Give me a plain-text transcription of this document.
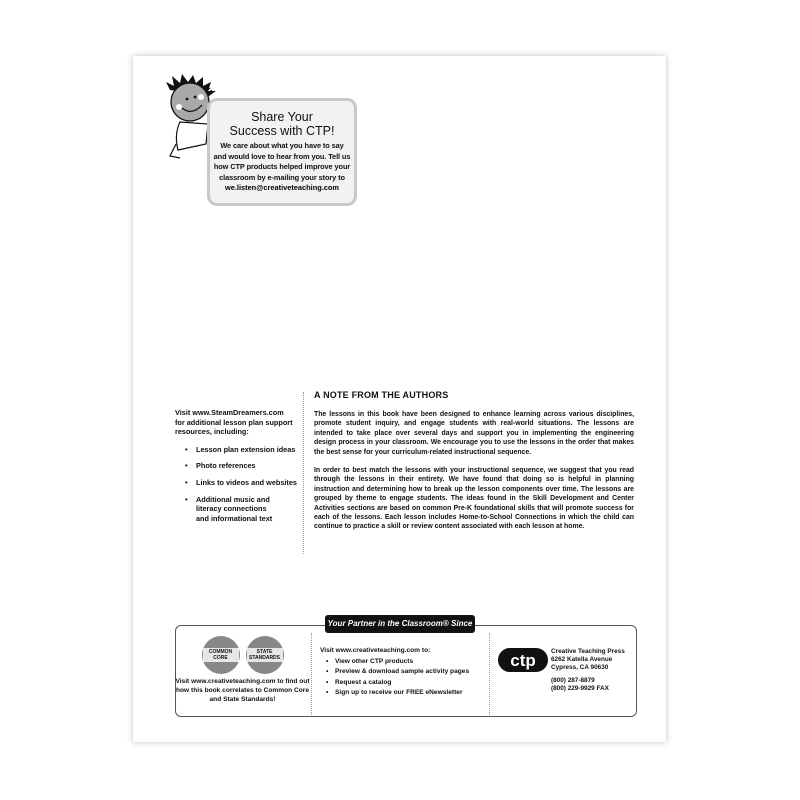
Share Your
Success with CTP!
We care about what you have to say
and would love to hear from you. Tell us
how CTP products helped improve your
classroom by e-mailing your story to
we.listen@creativeteaching.com
Visit www.SteamDreamers.com
for additional lesson plan support
resources, including:
• Lesson plan extension ideas
• Photo references
• Links to videos and websites
• Additional music and literacy connections and informational text
A NOTE FROM THE AUTHORS

The lessons in this book have been designed to enhance learning across various disciplines, promote student inquiry, and engage students with real-world situations. The lessons are intended to take place over several days and support you in implementing the engineering design process in your classroom. We encourage you to use the lessons in the order that makes the best sense for your curriculum-related instructional sequence.

In order to best match the lessons with your instructional sequence, we suggest that you read through the lessons in their entirety. We have found that doing so is helpful in planning instruction and determining how to break up the lesson components over time. The lessons are grouped by theme to engage students. The ideas found in the Skill Development and Center Activities sections are based on common Pre-K foundational skills that will promote success for each of the lessons. Each lesson includes Home-to-School Connections in which the child can continue to practice a skill or review content associated with each lesson at home.

Your Partner in the Classroom® Since 1965
COMMON
CORE
STATE
STANDARDS
Visit www.creativeteaching.com to find out how this book correlates to Common Core and State Standards!
Visit www.creativeteaching.com to:
• View other CTP products
• Preview & download sample activity pages
• Request a catalog
• Sign up to receive our FREE eNewsletter
ctp Creative Teaching Press
6262 Katella Avenue
Cypress, CA 90630
(800) 287-8879
(800) 229-9929 FAX
